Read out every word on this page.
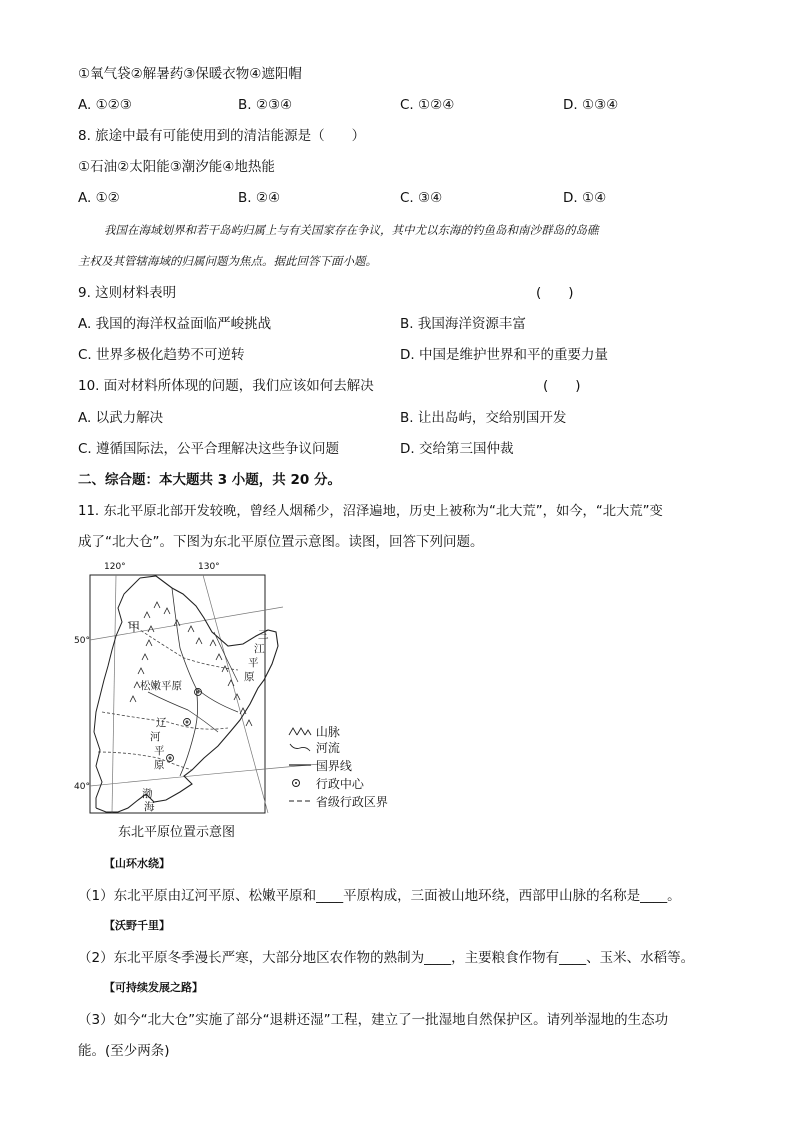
①氧气袋②解暑药③保暖衣物④遮阳帽
A. ①②③	B. ②③④	C. ①②④	D. ①③④
8. 旅途中最有可能使用到的清洁能源是（　　）
①石油②太阳能③潮汐能④地热能
A. ①②	B. ②④	C. ③④	D. ①④
我国在海域划界和若干岛屿归属上与有关国家存在争议，其中尤以东海的钓鱼岛和南沙群岛的岛礁
主权及其管辖海域的归属问题为焦点。据此回答下面小题。
9. 这则材料表明	(　　)
A. 我国的海洋权益面临严峻挑战	B. 我国海洋资源丰富
C. 世界多极化趋势不可逆转	D. 中国是维护世界和平的重要力量
10. 面对材料所体现的问题，我们应该如何去解决	(　　)
A. 以武力解决	B. 让出岛屿，交给别国开发
C. 遵循国际法，公平合理解决这些争议问题	D. 交给第三国仲裁
二、综合题：本大题共 3 小题，共 20 分。
11. 东北平原北部开发较晚，曾经人烟稀少，沼泽遍地，历史上被称为“北大荒”，如今，“北大荒”变
成了“北大仓”。下图为东北平原位置示意图。读图，回答下列问题。
120°	130°
50°
40°
甲
松嫩平原
三
江
平
原
辽
河
平
原
渤
海
山脉
河流
国界线
行政中心
省级行政区界
东北平原位置示意图
【山环水绕】
（1）东北平原由辽河平原、松嫩平原和____平原构成，三面被山地环绕，西部甲山脉的名称是____。
【沃野千里】
（2）东北平原冬季漫长严寒，大部分地区农作物的熟制为____，主要粮食作物有____、玉米、水稻等。
【可持续发展之路】
（3）如今“北大仓”实施了部分“退耕还湿”工程，建立了一批湿地自然保护区。请列举湿地的生态功
能。(至少两条)
